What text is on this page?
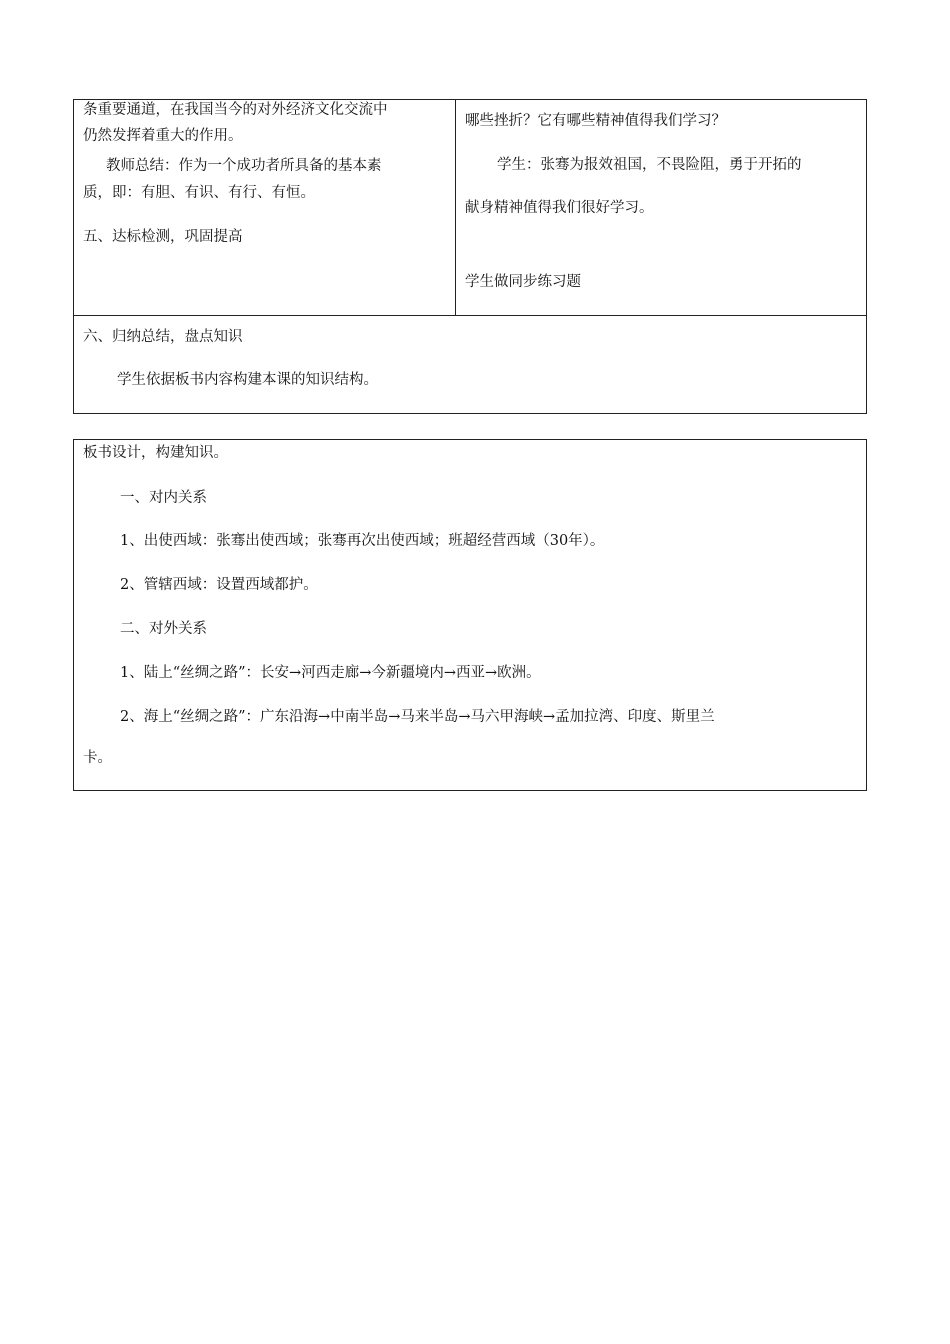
条重要通道，在我国当今的对外经济文化交流中
仍然发挥着重大的作用。
教师总结：作为一个成功者所具备的基本素
质，即：有胆、有识、有行、有恒。
五、达标检测，巩固提高
哪些挫折？它有哪些精神值得我们学习？
学生：张骞为报效祖国，不畏险阻，勇于开拓的
献身精神值得我们很好学习。
学生做同步练习题
六、归纳总结，盘点知识
学生依据板书内容构建本课的知识结构。
板书设计，构建知识。
一、对内关系
1、出使西域：张骞出使西域；张骞再次出使西域；班超经营西域（30年）。
2、管辖西域：设置西域都护。
二、对外关系
1、陆上“丝绸之路”：长安→河西走廊→今新疆境内→西亚→欧洲。
2、海上“丝绸之路”：广东沿海→中南半岛→马来半岛→马六甲海峡→孟加拉湾、印度、斯里兰
卡。
